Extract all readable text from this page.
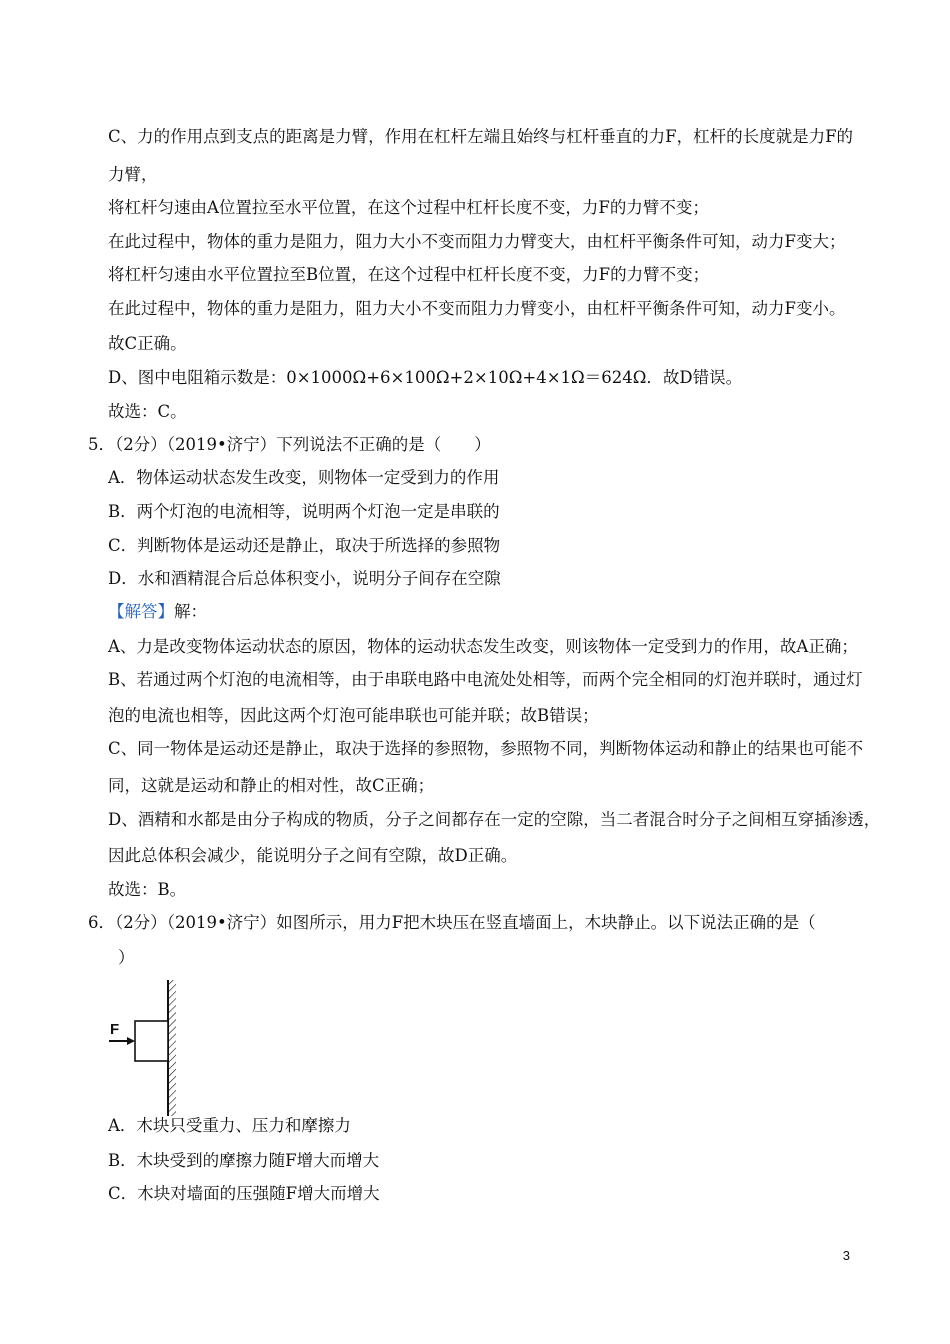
C、力的作用点到支点的距离是力臂，作用在杠杆左端且始终与杠杆垂直的力F，杠杆的长度就是力F的
力臂，
将杠杆匀速由A位置拉至水平位置，在这个过程中杠杆长度不变，力F的力臂不变；
在此过程中，物体的重力是阻力，阻力大小不变而阻力力臂变大，由杠杆平衡条件可知，动力F变大；
将杠杆匀速由水平位置拉至B位置，在这个过程中杠杆长度不变，力F的力臂不变；
在此过程中，物体的重力是阻力，阻力大小不变而阻力力臂变小，由杠杆平衡条件可知，动力F变小。
故C正确。
D、图中电阻箱示数是：0×1000Ω+6×100Ω+2×10Ω+4×1Ω＝624Ω．故D错误。
故选：C。
5．（2分）（2019•济宁）下列说法不正确的是（　　）
A．物体运动状态发生改变，则物体一定受到力的作用
B．两个灯泡的电流相等，说明两个灯泡一定是串联的
C．判断物体是运动还是静止，取决于所选择的参照物
D．水和酒精混合后总体积变小，说明分子间存在空隙
【解答】解：
A、力是改变物体运动状态的原因，物体的运动状态发生改变，则该物体一定受到力的作用，故A正确；
B、若通过两个灯泡的电流相等，由于串联电路中电流处处相等，而两个完全相同的灯泡并联时，通过灯
泡的电流也相等，因此这两个灯泡可能串联也可能并联；故B错误；
C、同一物体是运动还是静止，取决于选择的参照物，参照物不同，判断物体运动和静止的结果也可能不
同，这就是运动和静止的相对性，故C正确；
D、酒精和水都是由分子构成的物质，分子之间都存在一定的空隙，当二者混合时分子之间相互穿插渗透，
因此总体积会减少，能说明分子之间有空隙，故D正确。
故选：B。
6．（2分）（2019•济宁）如图所示，用力F把木块压在竖直墙面上，木块静止。以下说法正确的是（
）
F
A．木块只受重力、压力和摩擦力
B．木块受到的摩擦力随F增大而增大
C．木块对墙面的压强随F增大而增大
3
